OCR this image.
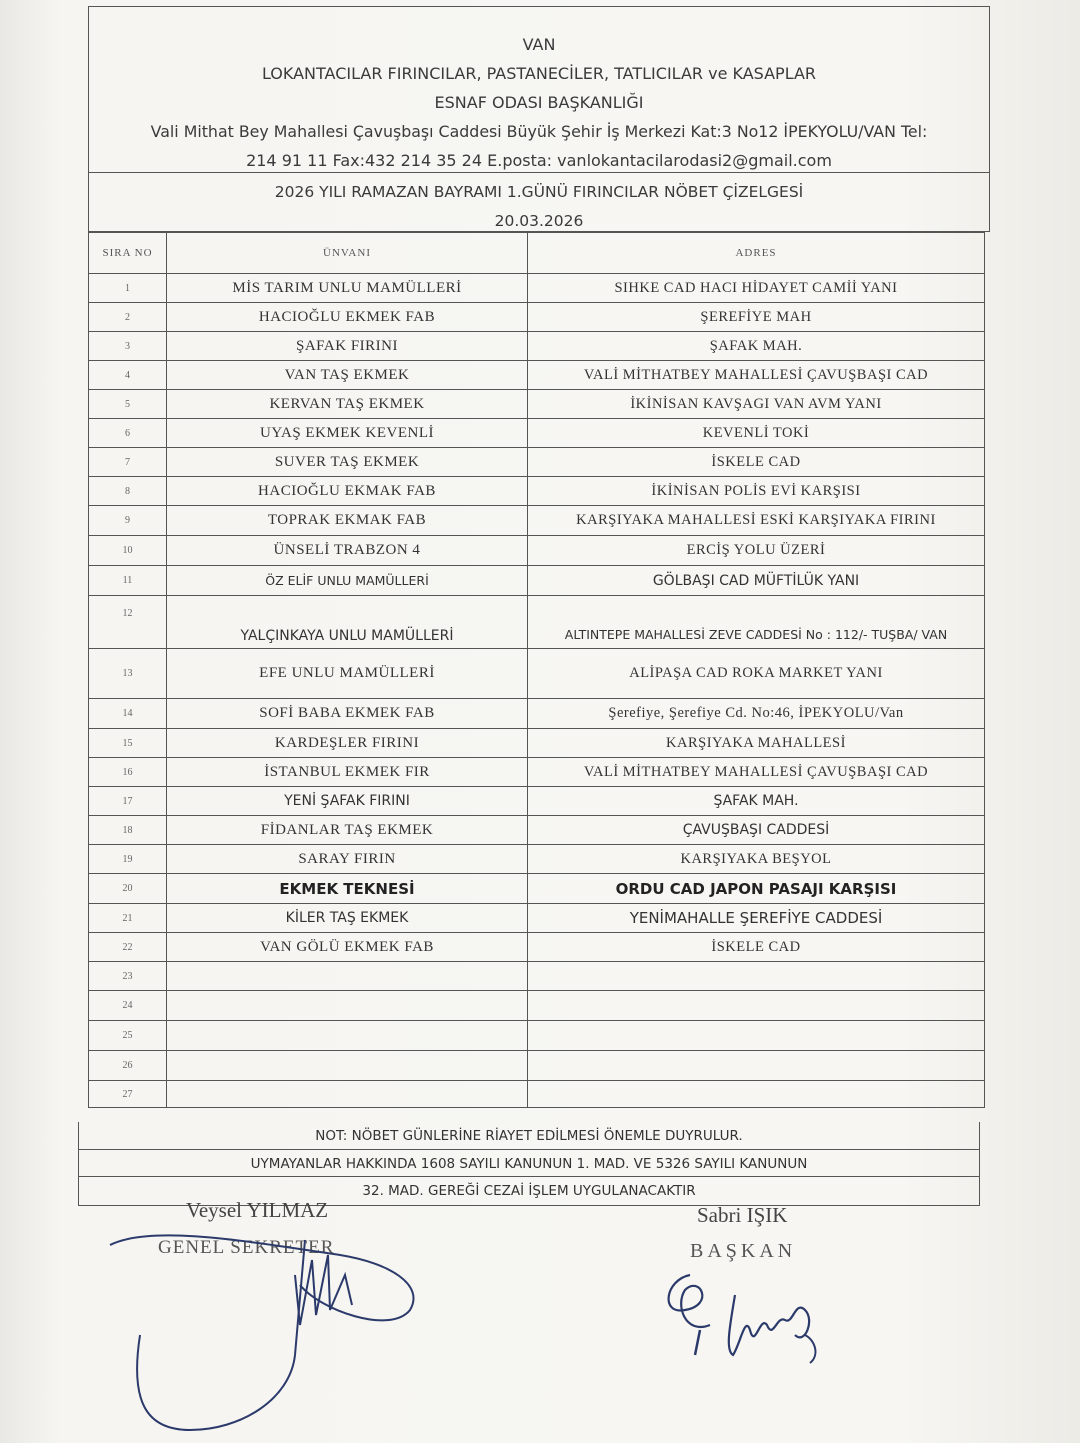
VAN
LOKANTACILAR FIRINCILAR, PASTANECİLER, TATLICILAR ve KASAPLAR
ESNAF ODASI BAŞKANLIĞI
Vali Mithat Bey Mahallesi Çavuşbaşı Caddesi Büyük Şehir İş Merkezi Kat:3 No12 İPEKYOLU/VAN Tel:
214 91 11 Fax:432 214 35 24 E.posta: vanlokantacilarodasi2@gmail.com
2026 YILI RAMAZAN BAYRAMI 1.GÜNÜ FIRINCILAR NÖBET ÇİZELGESİ
20.03.2026
SIRA NO	ÜNVANI	ADRES
1	MİS TARIM UNLU MAMÜLLERİ	SIHKE CAD HACI HİDAYET CAMİİ YANI
2	HACIOĞLU EKMEK FAB	ŞEREFİYE MAH
3	ŞAFAK FIRINI	ŞAFAK MAH.
4	VAN TAŞ EKMEK	VALİ MİTHATBEY MAHALLESİ ÇAVUŞBAŞI CAD
5	KERVAN TAŞ EKMEK	İKİNİSAN KAVŞAGI VAN AVM YANI
6	UYAŞ EKMEK KEVENLİ	KEVENLİ TOKİ
7	SUVER TAŞ EKMEK	İSKELE CAD
8	HACIOĞLU EKMAK FAB	İKİNİSAN POLİS EVİ KARŞISI
9	TOPRAK EKMAK FAB	KARŞIYAKA MAHALLESİ ESKİ KARŞIYAKA FIRINI
10	ÜNSELİ TRABZON 4	ERCİŞ YOLU ÜZERİ
11	ÖZ ELİF UNLU MAMÜLLERİ	GÖLBAŞI CAD MÜFTİLÜK YANI
12	YALÇINKAYA UNLU MAMÜLLERİ	ALTINTEPE MAHALLESİ ZEVE CADDESİ No : 112/- TUŞBA/ VAN
13	EFE UNLU MAMÜLLERİ	ALİPAŞA CAD ROKA MARKET YANI
14	SOFİ BABA EKMEK FAB	Şerefiye, Şerefiye Cd. No:46, İPEKYOLU/Van
15	KARDEŞLER FIRINI	KARŞIYAKA MAHALLESİ
16	İSTANBUL EKMEK FIR	VALİ MİTHATBEY MAHALLESİ ÇAVUŞBAŞI CAD
17	YENİ ŞAFAK FIRINI	ŞAFAK MAH.
18	FİDANLAR TAŞ EKMEK	ÇAVUŞBAŞI CADDESİ
19	SARAY FIRIN	KARŞIYAKA BEŞYOL
20	EKMEK TEKNESİ	ORDU CAD JAPON PASAJI KARŞISI
21	KİLER TAŞ EKMEK	YENİMAHALLE ŞEREFİYE CADDESİ
22	VAN GÖLÜ EKMEK FAB	İSKELE CAD
23		
24		
25		
26		
27		
NOT: NÖBET GÜNLERİNE RİAYET EDİLMESİ ÖNEMLE DUYRULUR.
UYMAYANLAR HAKKINDA 1608 SAYILI KANUNUN 1. MAD. VE 5326 SAYILI KANUNUN
32. MAD. GEREĞİ CEZAİ İŞLEM UYGULANACAKTIR
Veysel YILMAZ
GENEL SEKRETER
Sabri IŞIK
BAŞKAN
